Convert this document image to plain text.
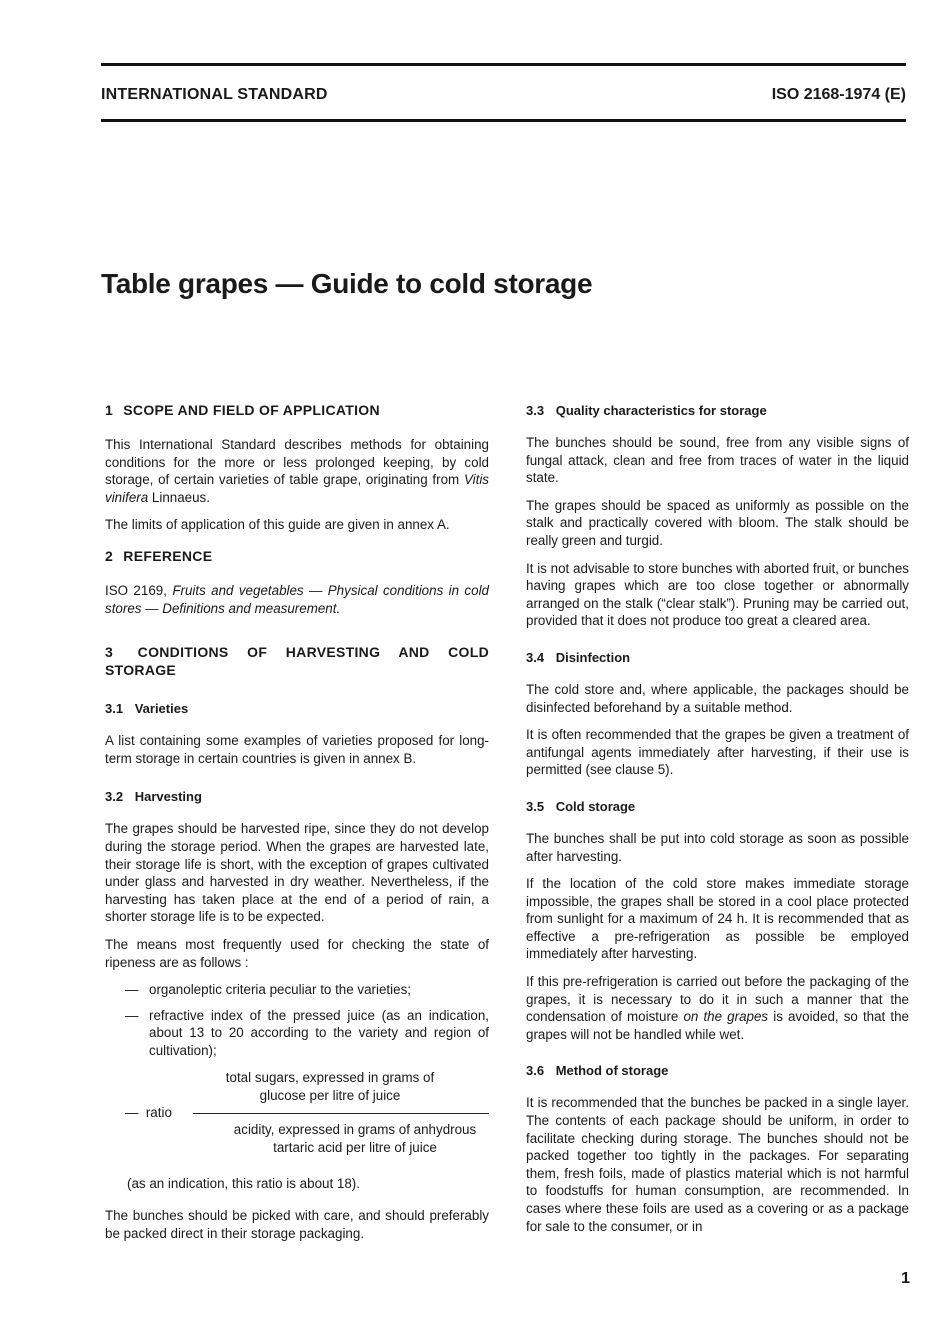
INTERNATIONAL STANDARD	ISO 2168-1974 (E)
Table grapes — Guide to cold storage
1 SCOPE AND FIELD OF APPLICATION

This International Standard describes methods for obtaining conditions for the more or less prolonged keeping, by cold storage, of certain varieties of table grape, originating from Vitis vinifera Linnaeus.

The limits of application of this guide are given in annex A.

2 REFERENCE

ISO 2169, Fruits and vegetables — Physical conditions in cold stores — Definitions and measurement.

3 CONDITIONS OF HARVESTING AND COLD STORAGE
3.1 Varieties

A list containing some examples of varieties proposed for long-term storage in certain countries is given in annex B.

3.2 Harvesting

The grapes should be harvested ripe, since they do not develop during the storage period. When the grapes are harvested late, their storage life is short, with the exception of grapes cultivated under glass and harvested in dry weather. Nevertheless, if the harvesting has taken place at the end of a period of rain, a shorter storage life is to be expected.

The means most frequently used for checking the state of ripeness are as follows :

— organoleptic criteria peculiar to the varieties;
— refractive index of the pressed juice (as an indication, about 13 to 20 according to the variety and region of cultivation);
total sugars, expressed in grams of glucose per litre of juice
— ratio
acidity, expressed in grams of anhydrous tartaric acid per litre of juice

(as an indication, this ratio is about 18).

The bunches should be picked with care, and should preferably be packed direct in their storage packaging.

3.3 Quality characteristics for storage

The bunches should be sound, free from any visible signs of fungal attack, clean and free from traces of water in the liquid state.

The grapes should be spaced as uniformly as possible on the stalk and practically covered with bloom. The stalk should be really green and turgid.

It is not advisable to store bunches with aborted fruit, or bunches having grapes which are too close together or abnormally arranged on the stalk (“clear stalk”). Pruning may be carried out, provided that it does not produce too great a cleared area.

3.4 Disinfection

The cold store and, where applicable, the packages should be disinfected beforehand by a suitable method.

It is often recommended that the grapes be given a treatment of antifungal agents immediately after harvesting, if their use is permitted (see clause 5).

3.5 Cold storage

The bunches shall be put into cold storage as soon as possible after harvesting.

If the location of the cold store makes immediate storage impossible, the grapes shall be stored in a cool place protected from sunlight for a maximum of 24 h. It is recommended that as effective a pre-refrigeration as possible be employed immediately after harvesting.

If this pre-refrigeration is carried out before the packaging of the grapes, it is necessary to do it in such a manner that the condensation of moisture on the grapes is avoided, so that the grapes will not be handled while wet.

3.6 Method of storage

It is recommended that the bunches be packed in a single layer. The contents of each package should be uniform, in order to facilitate checking during storage. The bunches should not be packed together too tightly in the packages. For separating them, fresh foils, made of plastics material which is not harmful to foodstuffs for human consumption, are recommended. In cases where these foils are used as a covering or as a package for sale to the consumer, or in

1
